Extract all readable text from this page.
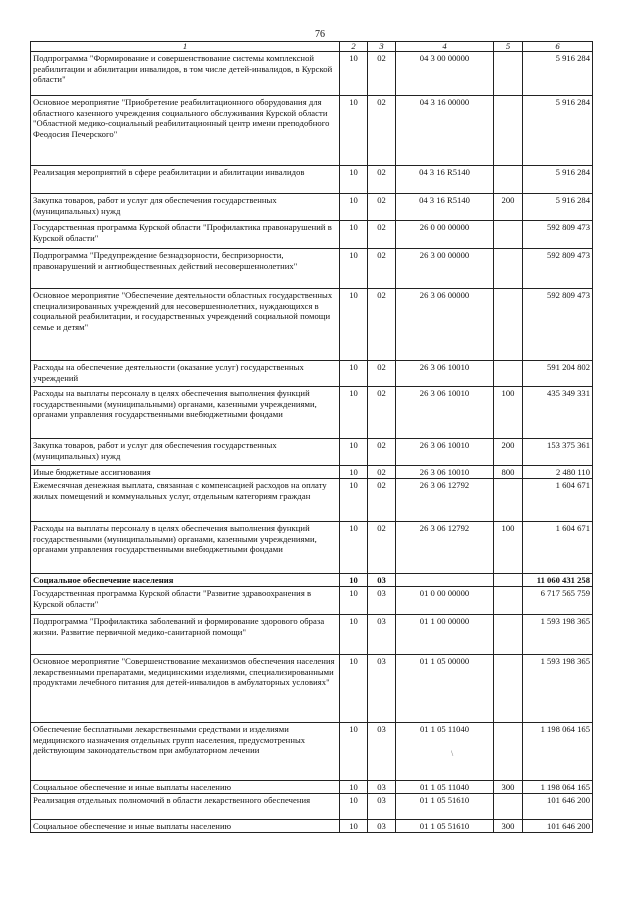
76
1	2	3	4	5	6
Подпрограмма "Формирование и совершенствование системы комплексной реабилитации и абилитации инвалидов, в том числе детей-инвалидов, в Курской области"	10	02	04 3 00 00000		5 916 284
Основное мероприятие "Приобретение реабилитационного оборудования для областного казенного учреждения социального обслуживания Курской области "Областной медико-социальный реабилитационный центр имени преподобного Феодосия Печерского"	10	02	04 3 16 00000		5 916 284
Реализация мероприятий в сфере реабилитации и абилитации инвалидов	10	02	04 3 16 R5140		5 916 284
Закупка товаров, работ и услуг для обеспечения государственных (муниципальных) нужд	10	02	04 3 16 R5140	200	5 916 284
Государственная программа Курской области "Профилактика правонарушений в Курской области"	10	02	26 0 00 00000		592 809 473
Подпрограмма "Предупреждение безнадзорности, беспризорности, правонарушений и антиобщественных действий несовершеннолетних"	10	02	26 3 00 00000		592 809 473
Основное мероприятие "Обеспечение деятельности областных государственных специализированных учреждений для несовершеннолетних, нуждающихся в социальной реабилитации, и государственных учреждений социальной помощи семье и детям"	10	02	26 3 06 00000		592 809 473
Расходы на обеспечение деятельности (оказание услуг) государственных учреждений	10	02	26 3 06 10010		591 204 802
Расходы на выплаты персоналу в целях обеспечения выполнения функций государственными (муниципальными) органами, казенными учреждениями, органами управления государственными внебюджетными фондами	10	02	26 3 06 10010	100	435 349 331
Закупка товаров, работ и услуг для обеспечения государственных (муниципальных) нужд	10	02	26 3 06 10010	200	153 375 361
Иные бюджетные ассигнования	10	02	26 3 06 10010	800	2 480 110
Ежемесячная денежная выплата, связанная с компенсацией расходов на оплату жилых помещений и коммунальных услуг, отдельным категориям граждан	10	02	26 3 06 12792		1 604 671
Расходы на выплаты персоналу в целях обеспечения выполнения функций государственными (муниципальными) органами, казенными учреждениями, органами управления государственными внебюджетными фондами	10	02	26 3 06 12792	100	1 604 671
Социальное обеспечение населения	10	03			11 060 431 258
Государственная программа Курской области "Развитие здравоохранения в Курской области"	10	03	01 0 00 00000		6 717 565 759
Подпрограмма "Профилактика заболеваний и формирование здорового образа жизни. Развитие первичной медико-санитарной помощи"	10	03	01 1 00 00000		1 593 198 365
Основное мероприятие "Совершенствование механизмов обеспечения населения лекарственными препаратами, медицинскими изделиями, специализированными продуктами лечебного питания для детей-инвалидов в амбулаторных условиях"	10	03	01 1 05 00000		1 593 198 365
Обеспечение бесплатными лекарственными средствами и изделиями медицинского назначения отдельных групп населения, предусмотренных действующим законодательством при амбулаторном лечении	10	03	01 1 05 11040		1 198 064 165
Социальное обеспечение и иные выплаты населению	10	03	01 1 05 11040	300	1 198 064 165
Реализация отдельных полномочий в области лекарственного обеспечения	10	03	01 1 05 51610		101 646 200
Социальное обеспечение и иные выплаты населению	10	03	01 1 05 51610	300	101 646 200
\
